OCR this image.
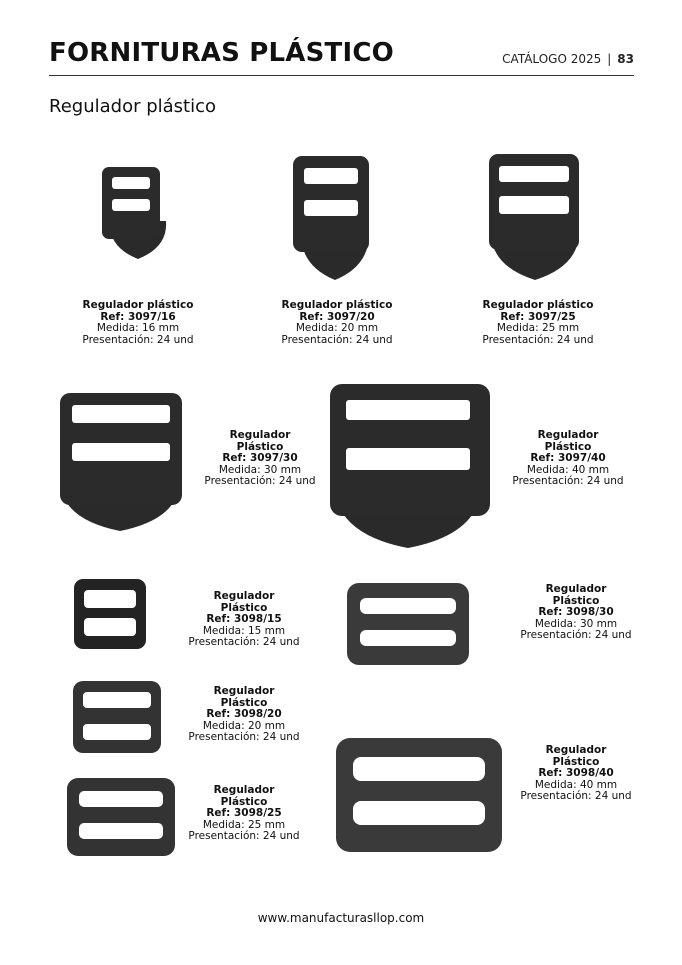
FORNITURAS PLÁSTICO	CATÁLOGO 2025 | 83
Regulador plástico
Regulador plástico
Ref: 3097/16
Medida: 16 mm
Presentación: 24 und
Regulador plástico
Ref: 3097/20
Medida: 20 mm
Presentación: 24 und
Regulador plástico
Ref: 3097/25
Medida: 25 mm
Presentación: 24 und
Regulador
Plástico
Ref: 3097/30
Medida: 30 mm
Presentación: 24 und
Regulador
Plástico
Ref: 3097/40
Medida: 40 mm
Presentación: 24 und
Regulador
Plástico
Ref: 3098/15
Medida: 15 mm
Presentación: 24 und
Regulador
Plástico
Ref: 3098/30
Medida: 30 mm
Presentación: 24 und
Regulador
Plástico
Ref: 3098/20
Medida: 20 mm
Presentación: 24 und
Regulador
Plástico
Ref: 3098/25
Medida: 25 mm
Presentación: 24 und
Regulador
Plástico
Ref: 3098/40
Medida: 40 mm
Presentación: 24 und
www.manufacturasllop.com
